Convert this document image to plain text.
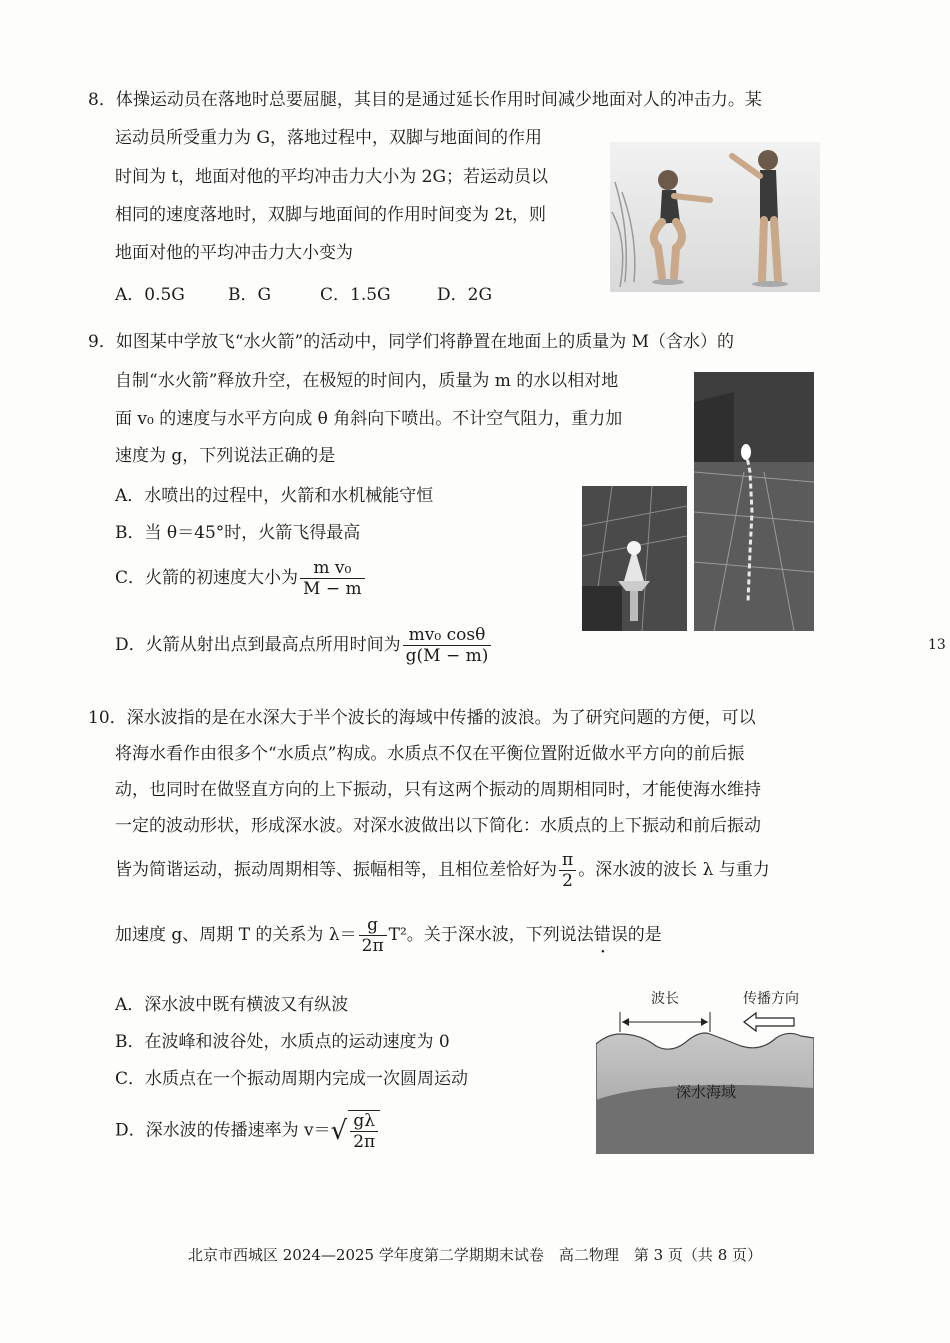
8．体操运动员在落地时总要屈腿，其目的是通过延长作用时间减少地面对人的冲击力。某
运动员所受重力为 G，落地过程中，双脚与地面间的作用
时间为 t，地面对他的平均冲击力大小为 2G；若运动员以
相同的速度落地时，双脚与地面间的作用时间变为 2t，则
地面对他的平均冲击力大小变为
A．0.5G	B．G	C．1.5G	D．2G
9．如图某中学放飞“水火箭”的活动中，同学们将静置在地面上的质量为 M（含水）的
自制“水火箭”释放升空，在极短的时间内，质量为 m 的水以相对地
面 v₀ 的速度与水平方向成 θ 角斜向下喷出。不计空气阻力，重力加
速度为 g，下列说法正确的是
A．水喷出的过程中，火箭和水机械能守恒
B．当 θ＝45°时，火箭飞得最高
C．火箭的初速度大小为 $\frac{\text{m v₀}}{M - m}$
D．火箭从射出点到最高点所用时间为 $\frac{\text{mv₀ cosθ}}{g(M - m)}$	13
10．深水波指的是在水深大于半个波长的海域中传播的波浪。为了研究问题的方便，可以
将海水看作由很多个“水质点”构成。水质点不仅在平衡位置附近做水平方向的前后振
动，也同时在做竖直方向的上下振动，只有这两个振动的周期相同时，才能使海水维持
一定的波动形状，形成深水波。对深水波做出以下简化：水质点的上下振动和前后振动
皆为简谐运动，振动周期相等、振幅相等，且相位差恰好为 $\frac{\pi}{2}$ 。深水波的波长 λ 与重力
加速度 g、周期 T 的关系为 $\lambda= \frac{g}{2\pi} T^2$。关于深水波，下列说法错误的是
A．深水波中既有横波又有纵波
B．在波峰和波谷处，水质点的运动速度为 0
C．水质点在一个振动周期内完成一次圆周运动
D．深水波的传播速率为 $v=√ \frac{g\lambda}{2\pi}$
波长	传播方向
深水海域
北京市西城区 2024—2025 学年度第二学期期末试卷　高二物理　第 3 页（共 8 页）
